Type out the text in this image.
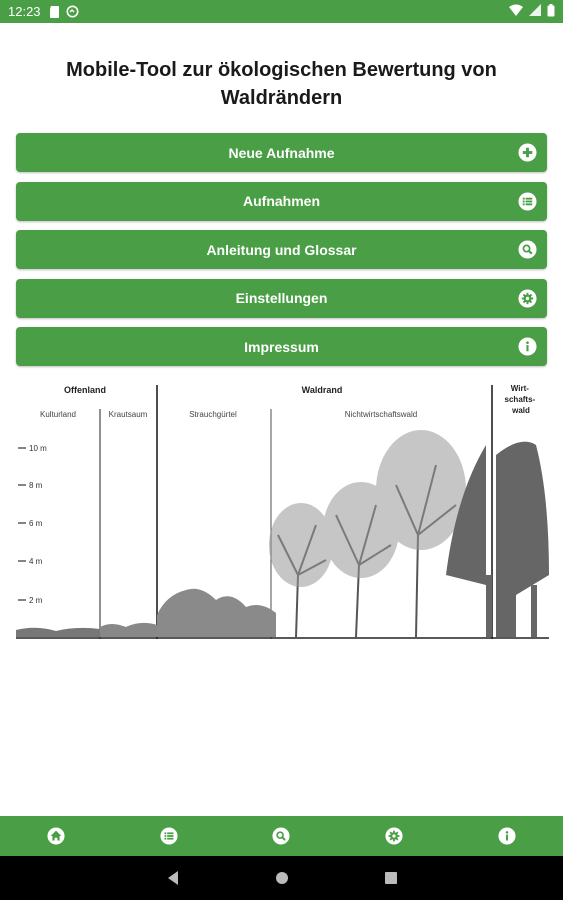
12:23
Mobile-Tool zur ökologischen Bewertung von Waldrändern
Neue Aufnahme
Aufnahmen
Anleitung und Glossar
Einstellungen
Impressum
Offenland	Waldrand	Wirt- schafts- wald
Kulturland	Krautsaum	Strauchgürtel	Nichtwirtschaftswald
10 m
8 m
6 m
4 m
2 m
